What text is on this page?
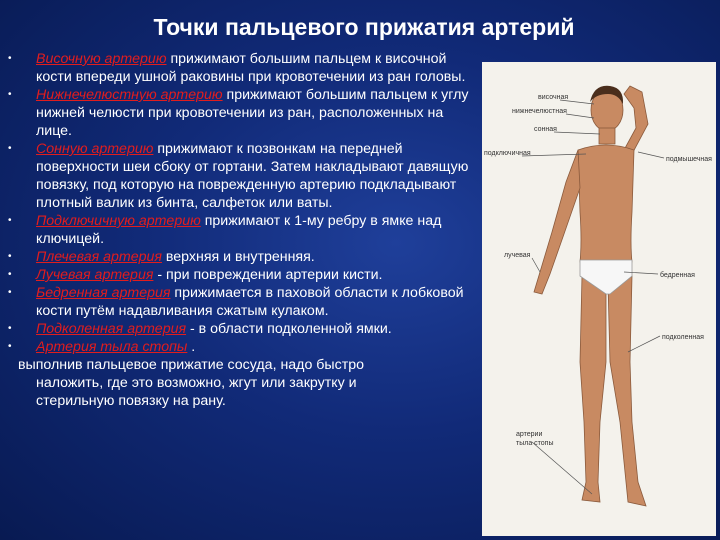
Точки пальцевого прижатия артерий

• Височную артерию прижимают большим пальцем к височной кости впереди ушной раковины при кровотечении из ран головы.

• Нижнечелюстную артерию прижимают большим пальцем к углу нижней челюсти при кровотечении из ран, расположенных на лице.

• Сонную артерию прижимают к позвонкам на передней поверхности шеи сбоку от гортани. Затем накладывают давящую повязку, под которую на поврежденную артерию подкладывают плотный валик из бинта, салфеток или ваты.

• Подключичную артерию прижимают к 1-му ребру в ямке над ключицей.

• Плечевая артерия верхняя и внутренняя.

• Лучевая артерия - при повреждении артерии кисти.

• Бедренная артерия прижимается в паховой области к лобковой кости путём надавливания сжатым кулаком.

• Подколенная артерия - в области подколенной ямки.

• Артерия тыла стопы .

выполнив пальцевое прижатие сосуда, надо быстро
наложить, где это возможно, жгут или закрутку и
стерильную повязку на рану.

височная
нижнечелюстная
сонная
подключичная
подмышечная
лучевая
бедренная
подколенная
артерии
тыла стопы
